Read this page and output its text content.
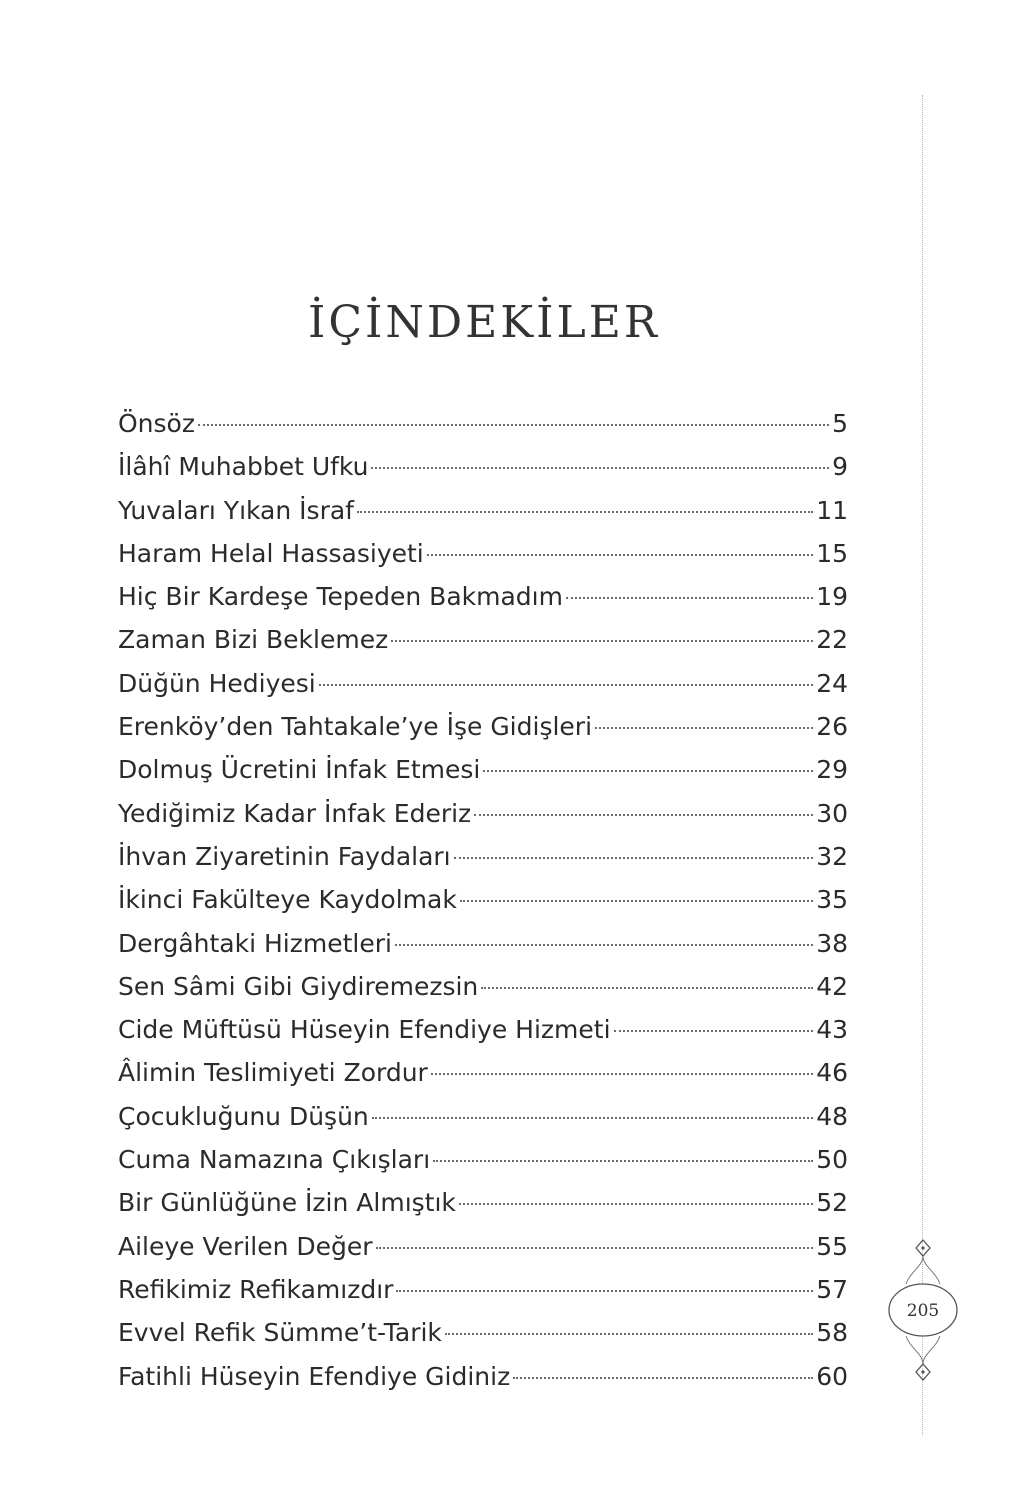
İÇİNDEKİLER
Önsöz	5
İlâhî Muhabbet Ufku	9
Yuvaları Yıkan İsraf	11
Haram Helal Hassasiyeti	15
Hiç Bir Kardeşe Tepeden Bakmadım	19
Zaman Bizi Beklemez	22
Düğün Hediyesi	24
Erenköy’den Tahtakale’ye İşe Gidişleri	26
Dolmuş Ücretini İnfak Etmesi	29
Yediğimiz Kadar İnfak Ederiz	30
İhvan Ziyaretinin Faydaları	32
İkinci Fakülteye Kaydolmak	35
Dergâhtaki Hizmetleri	38
Sen Sâmi Gibi Giydiremezsin	42
Cide Müftüsü Hüseyin Efendiye Hizmeti	43
Âlimin Teslimiyeti Zordur	46
Çocukluğunu Düşün	48
Cuma Namazına Çıkışları	50
Bir Günlüğüne İzin Almıştık	52
Aileye Verilen Değer	55
Refikimiz Refikamızdır	57
Evvel Refik Sümme’t-Tarik	58
Fatihli Hüseyin Efendiye Gidiniz	60
205
